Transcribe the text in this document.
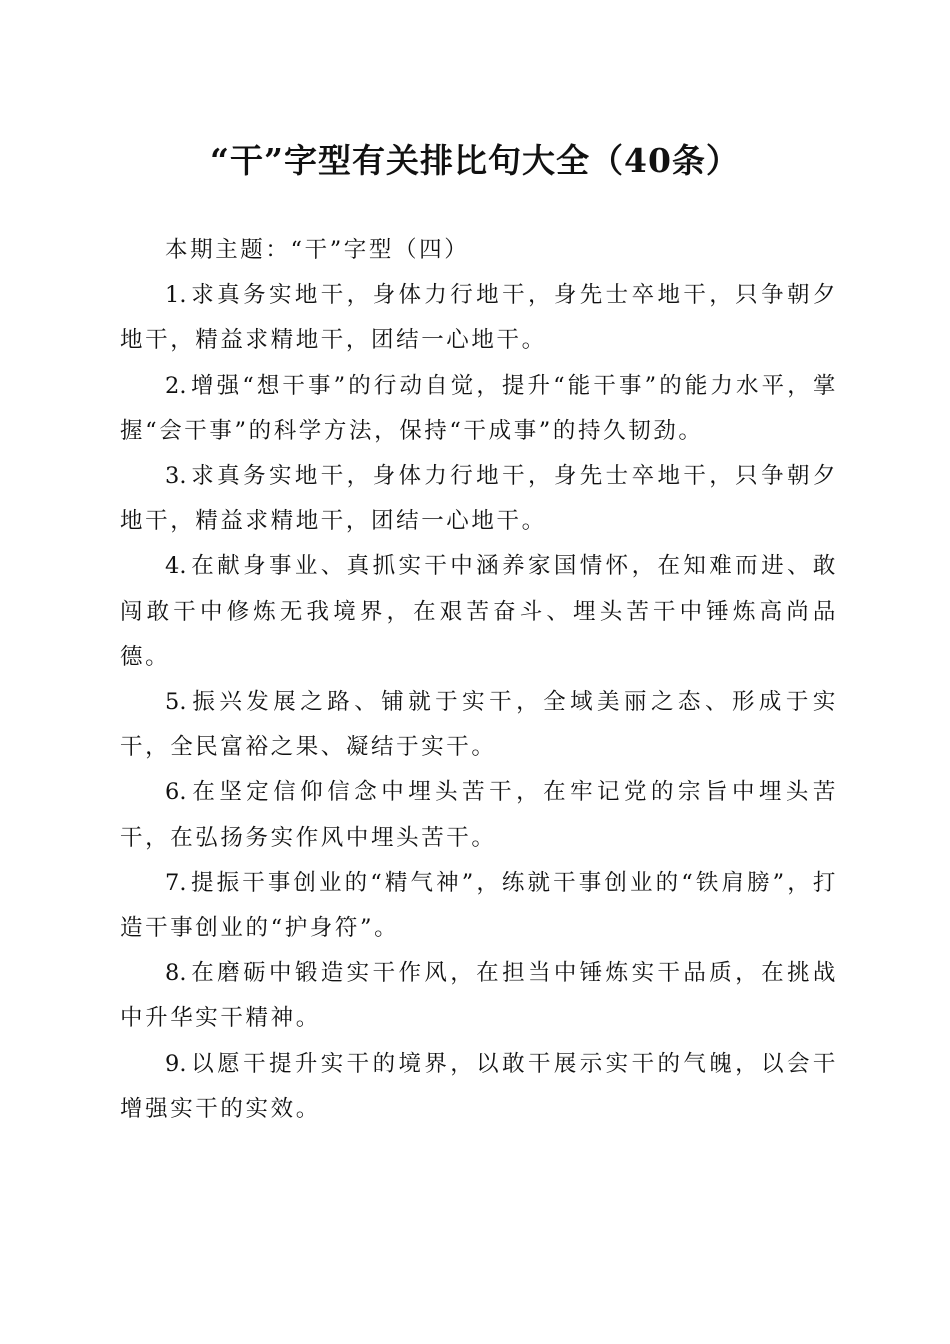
“干”字型有关排比句大全（40条）

本期主题：“干”字型（四）

1. 求真务实地干，身体力行地干，身先士卒地干，只争朝夕地干，精益求精地干，团结一心地干。

2. 增强“想干事”的行动自觉，提升“能干事”的能力水平，掌握“会干事”的科学方法，保持“干成事”的持久韧劲。

3. 求真务实地干，身体力行地干，身先士卒地干，只争朝夕地干，精益求精地干，团结一心地干。

4. 在献身事业、真抓实干中涵养家国情怀，在知难而进、敢闯敢干中修炼无我境界，在艰苦奋斗、埋头苦干中锤炼高尚品德。

5. 振兴发展之路、铺就于实干，全域美丽之态、形成于实干，全民富裕之果、凝结于实干。

6. 在坚定信仰信念中埋头苦干，在牢记党的宗旨中埋头苦干，在弘扬务实作风中埋头苦干。

7. 提振干事创业的“精气神”，练就干事创业的“铁肩膀”，打造干事创业的“护身符”。

8. 在磨砺中锻造实干作风，在担当中锤炼实干品质，在挑战中升华实干精神。

9. 以愿干提升实干的境界，以敢干展示实干的气魄，以会干增强实干的实效。
